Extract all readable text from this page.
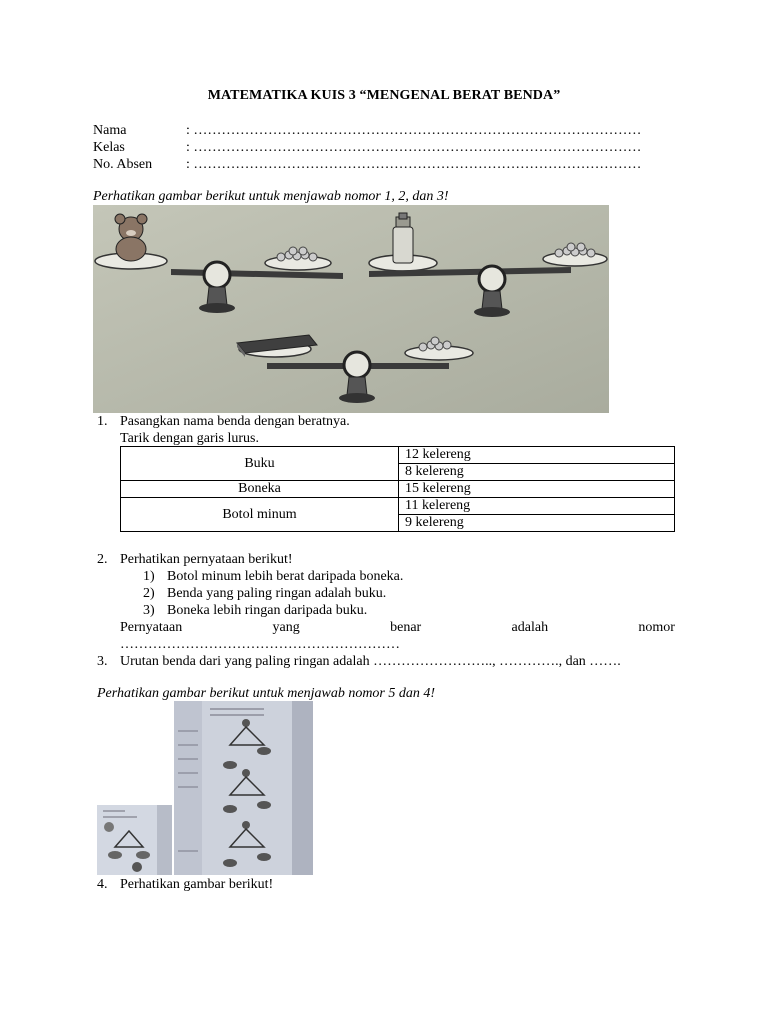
MATEMATIKA KUIS 3 “MENGENAL BERAT BENDA”
Nama	: ……………………………………………………………………………………
Kelas	: ……………………………………………………………………………………
No. Absen : ……………………………………………………………………………………
Perhatikan gambar berikut untuk menjawab nomor 1, 2, dan 3!
1. Pasangkan nama benda dengan beratnya.
Tarik dengan garis lurus.
Buku	12 kelereng
	8 kelereng
Boneka	15 kelereng
Botol minum	11 kelereng
	9 kelereng
2. Perhatikan pernyataan berikut!
1) Botol minum lebih berat daripada boneka.
2) Benda yang paling ringan adalah buku.
3) Boneka lebih ringan daripada buku.
Pernyataan	yang	benar	adalah	nomor
……………………………………………………
3. Urutan benda dari yang paling ringan adalah …………………….., …………., dan …….
Perhatikan gambar berikut untuk menjawab nomor 5 dan 4!
4. Perhatikan gambar berikut!
